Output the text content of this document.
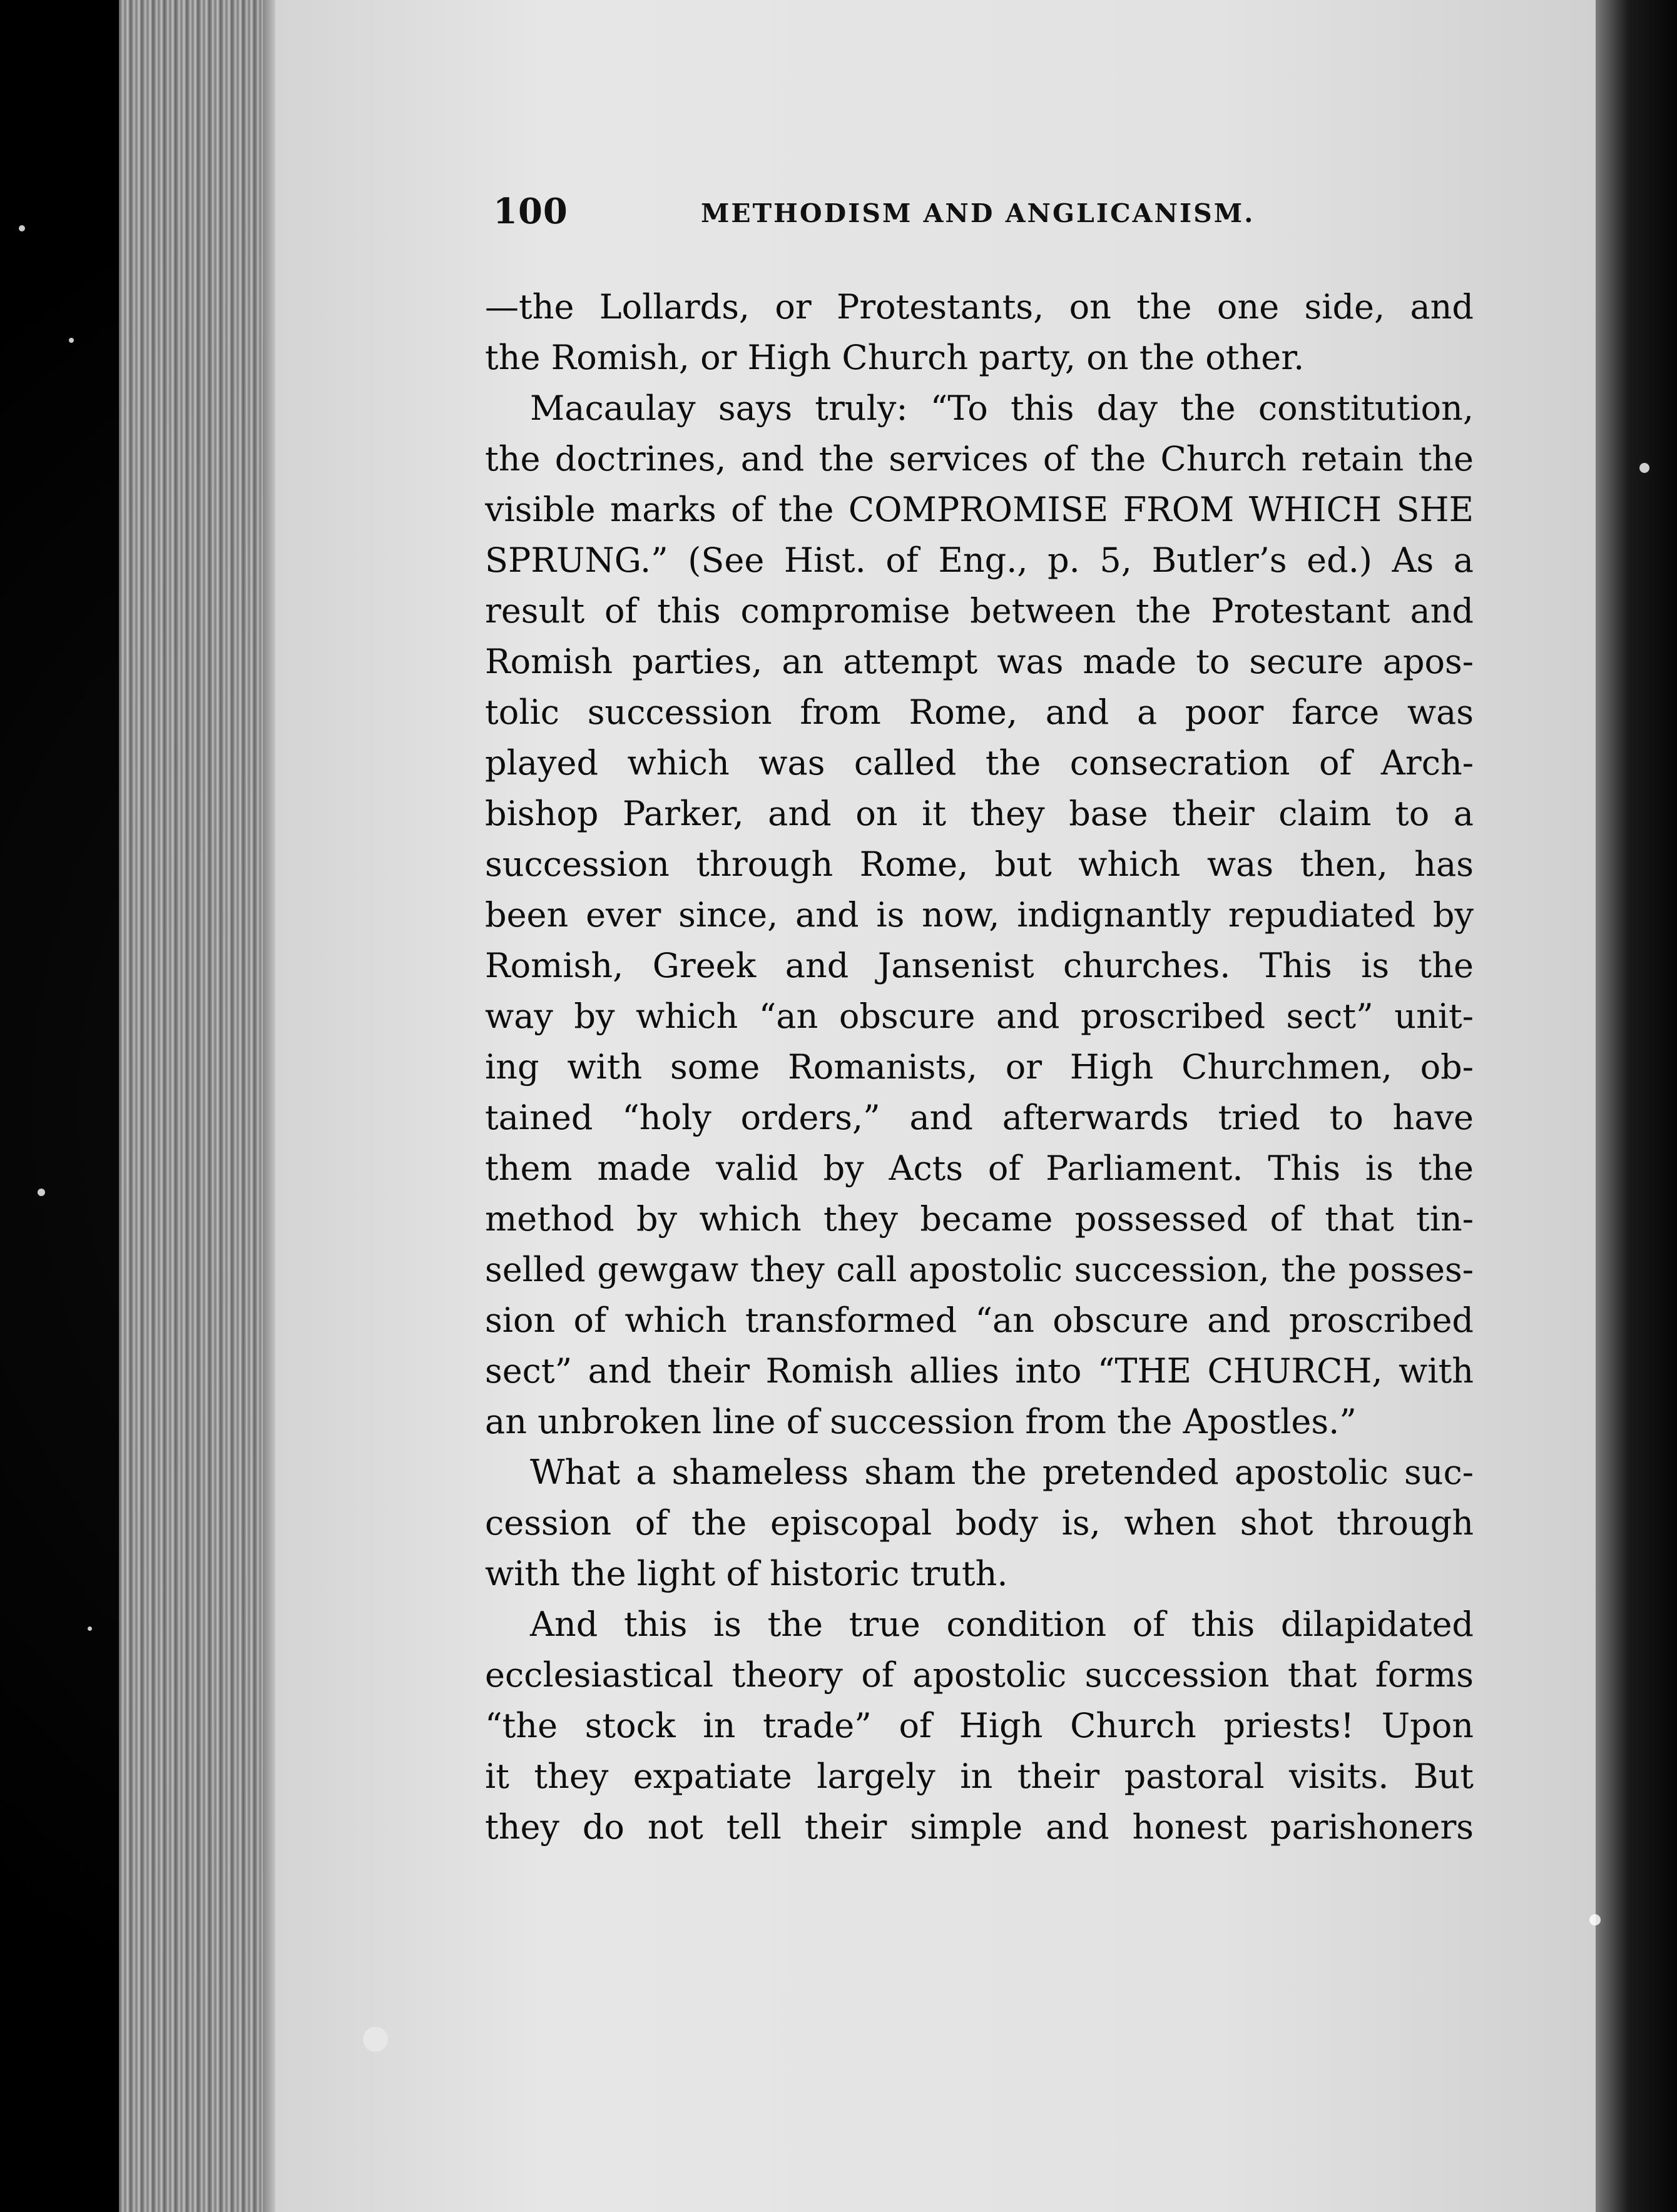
100	METHODISM AND ANGLICANISM.
—the Lollards, or Protestants, on the one side, and
the Romish, or High Church party, on the other.
Macaulay says truly: “To this day the constitution,
the doctrines, and the services of the Church retain the
visible marks of the COMPROMISE FROM WHICH SHE
SPRUNG.” (See Hist. of Eng., p. 5, Butler’s ed.) As a
result of this compromise between the Protestant and
Romish parties, an attempt was made to secure apos-
tolic succession from Rome, and a poor farce was
played which was called the consecration of Arch-
bishop Parker, and on it they base their claim to a
succession through Rome, but which was then, has
been ever since, and is now, indignantly repudiated by
Romish, Greek and Jansenist churches. This is the
way by which “an obscure and proscribed sect” unit-
ing with some Romanists, or High Churchmen, ob-
tained “holy orders,” and afterwards tried to have
them made valid by Acts of Parliament. This is the
method by which they became possessed of that tin-
selled gewgaw they call apostolic succession, the posses-
sion of which transformed “an obscure and proscribed
sect” and their Romish allies into “THE CHURCH, with
an unbroken line of succession from the Apostles.”
What a shameless sham the pretended apostolic suc-
cession of the episcopal body is, when shot through
with the light of historic truth.
And this is the true condition of this dilapidated
ecclesiastical theory of apostolic succession that forms
“the stock in trade” of High Church priests! Upon
it they expatiate largely in their pastoral visits. But
they do not tell their simple and honest parishoners
